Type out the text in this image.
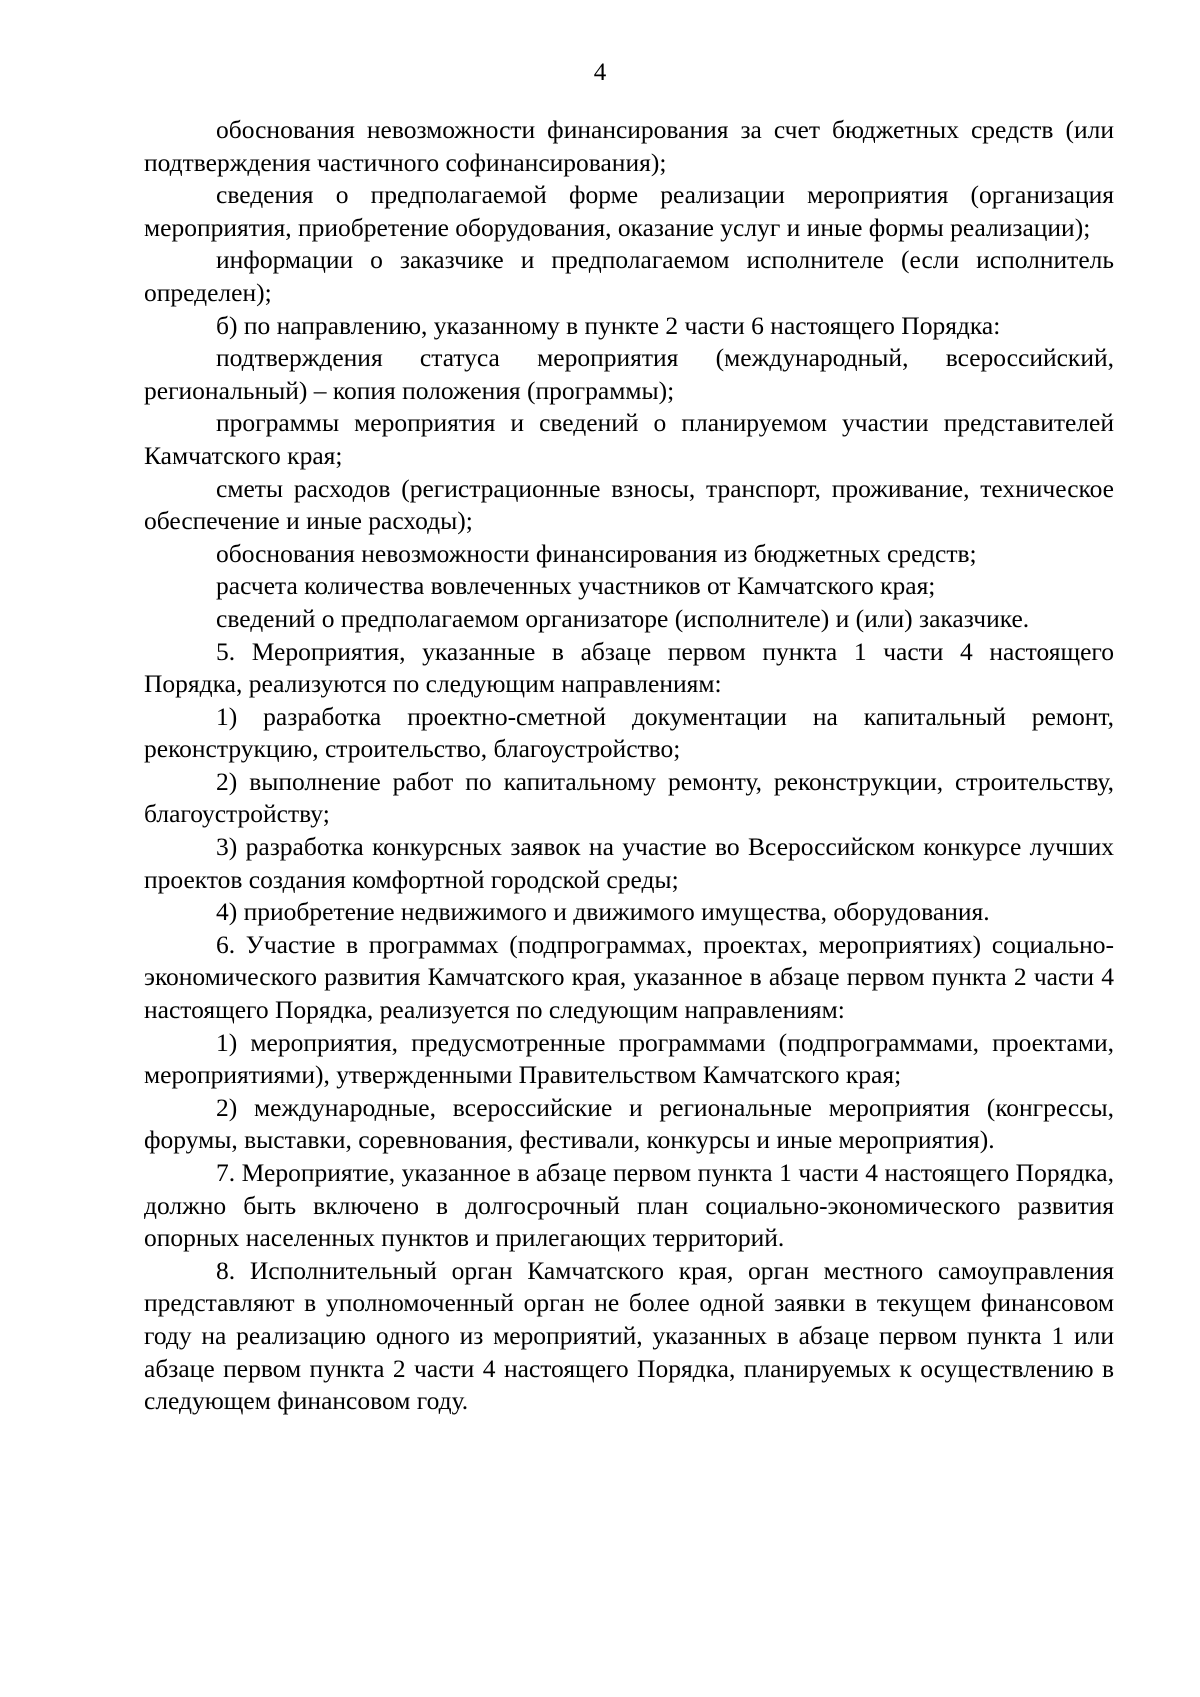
4

обоснования невозможности финансирования за счет бюджетных средств (или подтверждения частичного софинансирования);

сведения о предполагаемой форме реализации мероприятия (организация мероприятия, приобретение оборудования, оказание услуг и иные формы реализации);

информации о заказчике и предполагаемом исполнителе (если исполнитель определен);

б) по направлению, указанному в пункте 2 части 6 настоящего Порядка:

подтверждения статуса мероприятия (международный, всероссийский, региональный) – копия положения (программы);

программы мероприятия и сведений о планируемом участии представителей Камчатского края;

сметы расходов (регистрационные взносы, транспорт, проживание, техническое обеспечение и иные расходы);

обоснования невозможности финансирования из бюджетных средств;

расчета количества вовлеченных участников от Камчатского края;

сведений о предполагаемом организаторе (исполнителе) и (или) заказчике.

5. Мероприятия, указанные в абзаце первом пункта 1 части 4 настоящего Порядка, реализуются по следующим направлениям:

1) разработка проектно-сметной документации на капитальный ремонт, реконструкцию, строительство, благоустройство;

2) выполнение работ по капитальному ремонту, реконструкции, строительству, благоустройству;

3) разработка конкурсных заявок на участие во Всероссийском конкурсе лучших проектов создания комфортной городской среды;

4) приобретение недвижимого и движимого имущества, оборудования.

6. Участие в программах (подпрограммах, проектах, мероприятиях) социально-экономического развития Камчатского края, указанное в абзаце первом пункта 2 части 4 настоящего Порядка, реализуется по следующим направлениям:

1) мероприятия, предусмотренные программами (подпрограммами, проектами, мероприятиями), утвержденными Правительством Камчатского края;

2) международные, всероссийские и региональные мероприятия (конгрессы, форумы, выставки, соревнования, фестивали, конкурсы и иные мероприятия).

7. Мероприятие, указанное в абзаце первом пункта 1 части 4 настоящего Порядка, должно быть включено в долгосрочный план социально-экономического развития опорных населенных пунктов и прилегающих территорий.

8. Исполнительный орган Камчатского края, орган местного самоуправления представляют в уполномоченный орган не более одной заявки в текущем финансовом году на реализацию одного из мероприятий, указанных в абзаце первом пункта 1 или абзаце первом пункта 2 части 4 настоящего Порядка, планируемых к осуществлению в следующем финансовом году.
